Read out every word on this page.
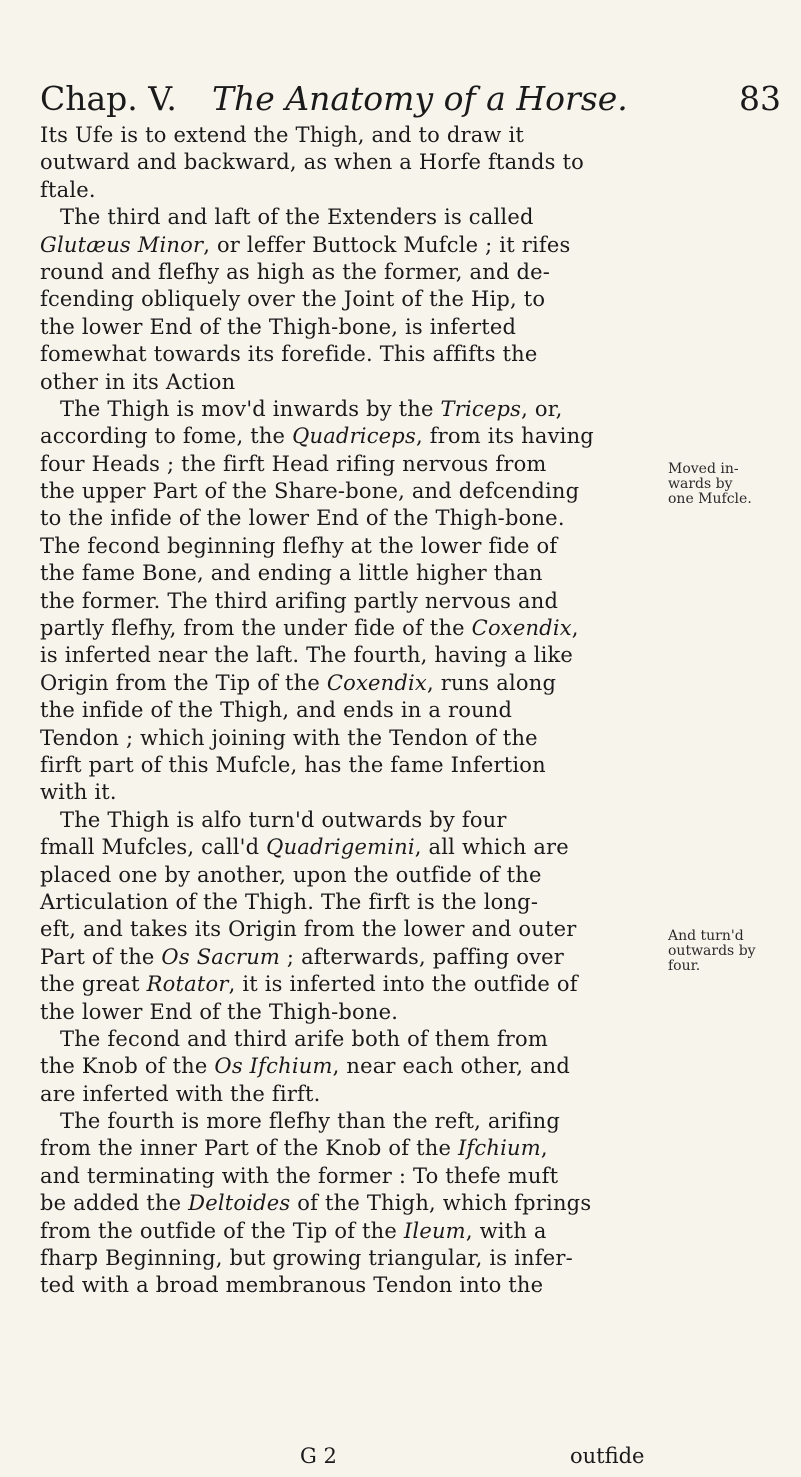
Chap. V. The Anatomy of a Horse.	83
Its Ufe is to extend the Thigh, and to draw it
outward and backward, as when a Horfe ftands to
ftale.
The third and laft of the Extenders is called
Glutæus Minor, or leffer Buttock Mufcle ; it rifes
round and flefhy as high as the former, and de-
fcending obliquely over the Joint of the Hip, to
the lower End of the Thigh-bone, is inferted
fomewhat towards its forefide. This affifts the
other in its Action
The Thigh is mov'd inwards by the Triceps, or,
according to fome, the Quadriceps, from its having
four Heads ; the firft Head rifing nervous from
the upper Part of the Share-bone, and defcending
to the infide of the lower End of the Thigh-bone.
The fecond beginning flefhy at the lower fide of
the fame Bone, and ending a little higher than
the former. The third arifing partly nervous and
partly flefhy, from the under fide of the Coxendix,
is inferted near the laft. The fourth, having a like
Origin from the Tip of the Coxendix, runs along
the infide of the Thigh, and ends in a round
Tendon ; which joining with the Tendon of the
firft part of this Mufcle, has the fame Infertion
with it.
The Thigh is alfo turn'd outwards by four
fmall Mufcles, call'd Quadrigemini, all which are
placed one by another, upon the outfide of the
Articulation of the Thigh. The firft is the long-
eft, and takes its Origin from the lower and outer
Part of the Os Sacrum ; afterwards, paffing over
the great Rotator, it is inferted into the outfide of
the lower End of the Thigh-bone.
The fecond and third arife both of them from
the Knob of the Os Ifchium, near each other, and
are inferted with the firft.
The fourth is more flefhy than the reft, arifing
from the inner Part of the Knob of the Ifchium,
and terminating with the former : To thefe muft
be added the Deltoides of the Thigh, which fprings
from the outfide of the Tip of the Ileum, with a
fharp Beginning, but growing triangular, is infer-
ted with a broad membranous Tendon into the
Moved in-
wards by
one Mufcle.
And turn'd
outwards by
four.
G 2	outfide
